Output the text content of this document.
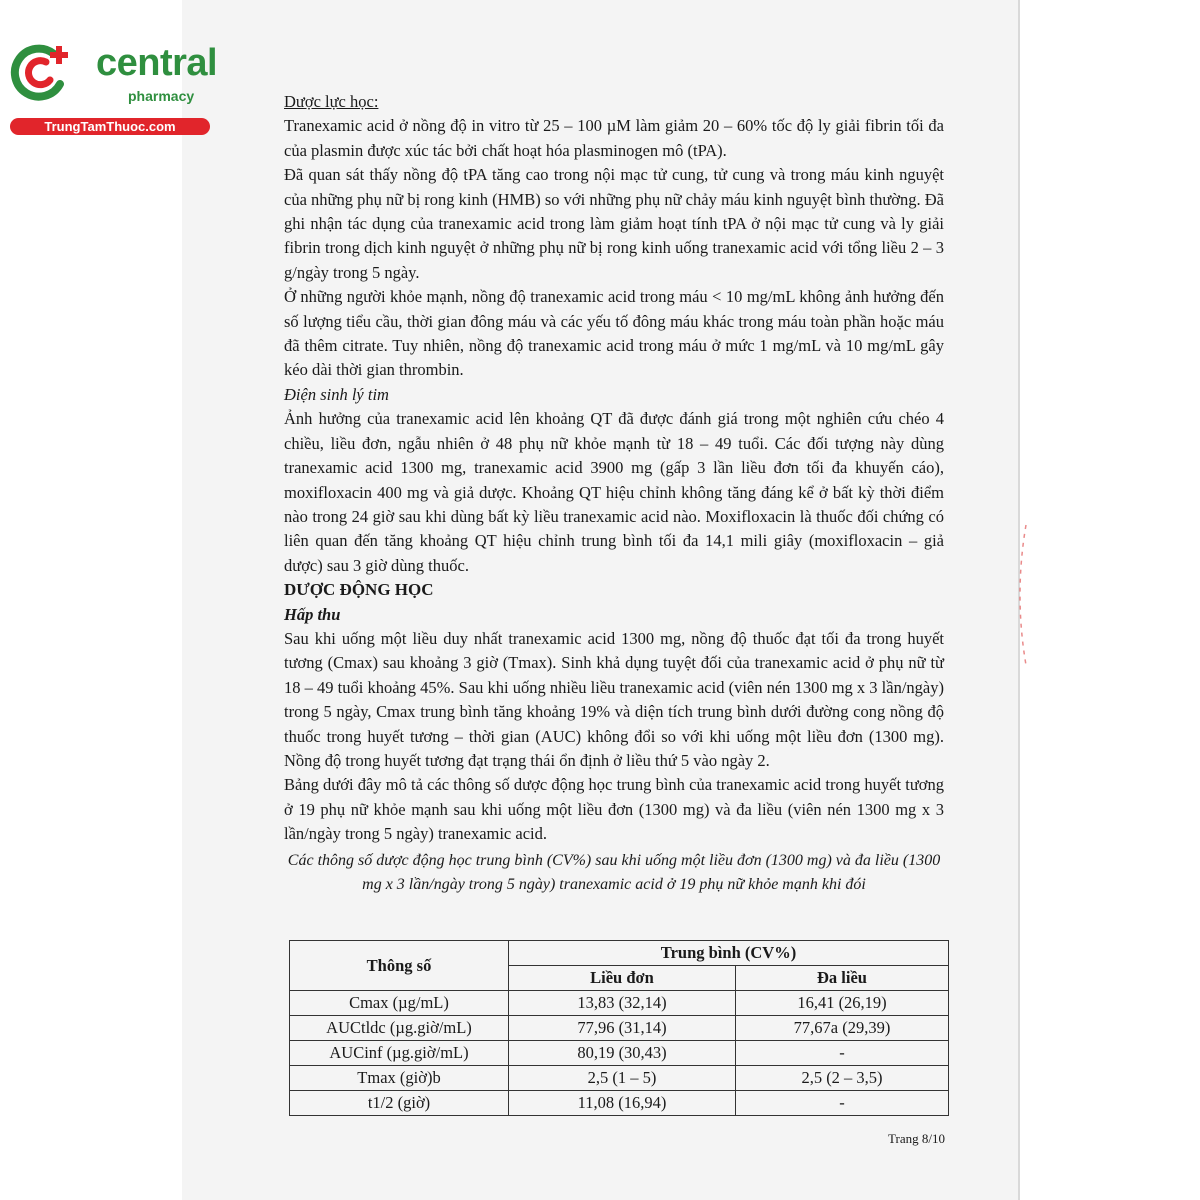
central
pharmacy
TrungTamThuoc.com

Dược lực học:

Tranexamic acid ở nồng độ in vitro từ 25 – 100 µM làm giảm 20 – 60% tốc độ ly giải fibrin tối đa của plasmin được xúc tác bởi chất hoạt hóa plasminogen mô (tPA).

Đã quan sát thấy nồng độ tPA tăng cao trong nội mạc tử cung, tử cung và trong máu kinh nguyệt của những phụ nữ bị rong kinh (HMB) so với những phụ nữ chảy máu kinh nguyệt bình thường. Đã ghi nhận tác dụng của tranexamic acid trong làm giảm hoạt tính tPA ở nội mạc tử cung và ly giải fibrin trong dịch kinh nguyệt ở những phụ nữ bị rong kinh uống tranexamic acid với tổng liều 2 – 3 g/ngày trong 5 ngày.

Ở những người khỏe mạnh, nồng độ tranexamic acid trong máu < 10 mg/mL không ảnh hưởng đến số lượng tiểu cầu, thời gian đông máu và các yếu tố đông máu khác trong máu toàn phần hoặc máu đã thêm citrate. Tuy nhiên, nồng độ tranexamic acid trong máu ở mức 1 mg/mL và 10 mg/mL gây kéo dài thời gian thrombin.

Điện sinh lý tim

Ảnh hưởng của tranexamic acid lên khoảng QT đã được đánh giá trong một nghiên cứu chéo 4 chiều, liều đơn, ngẫu nhiên ở 48 phụ nữ khỏe mạnh từ 18 – 49 tuổi. Các đối tượng này dùng tranexamic acid 1300 mg, tranexamic acid 3900 mg (gấp 3 lần liều đơn tối đa khuyến cáo), moxifloxacin 400 mg và giả dược. Khoảng QT hiệu chỉnh không tăng đáng kể ở bất kỳ thời điểm nào trong 24 giờ sau khi dùng bất kỳ liều tranexamic acid nào. Moxifloxacin là thuốc đối chứng có liên quan đến tăng khoảng QT hiệu chỉnh trung bình tối đa 14,1 mili giây (moxifloxacin – giả dược) sau 3 giờ dùng thuốc.

DƯỢC ĐỘNG HỌC

Hấp thu

Sau khi uống một liều duy nhất tranexamic acid 1300 mg, nồng độ thuốc đạt tối đa trong huyết tương (Cmax) sau khoảng 3 giờ (Tmax). Sinh khả dụng tuyệt đối của tranexamic acid ở phụ nữ từ 18 – 49 tuổi khoảng 45%. Sau khi uống nhiều liều tranexamic acid (viên nén 1300 mg x 3 lần/ngày) trong 5 ngày, Cmax trung bình tăng khoảng 19% và diện tích trung bình dưới đường cong nồng độ thuốc trong huyết tương – thời gian (AUC) không đổi so với khi uống một liều đơn (1300 mg). Nồng độ trong huyết tương đạt trạng thái ổn định ở liều thứ 5 vào ngày 2.

Bảng dưới đây mô tả các thông số dược động học trung bình của tranexamic acid trong huyết tương ở 19 phụ nữ khỏe mạnh sau khi uống một liều đơn (1300 mg) và đa liều (viên nén 1300 mg x 3 lần/ngày trong 5 ngày) tranexamic acid.

Các thông số dược động học trung bình (CV%) sau khi uống một liều đơn (1300 mg) và đa liều (1300 mg x 3 lần/ngày trong 5 ngày) tranexamic acid ở 19 phụ nữ khỏe mạnh khi đói

Thông số	Trung bình (CV%)	
	Liều đơn	Đa liều
Cmax (µg/mL)	13,83 (32,14)	16,41 (26,19)
AUCtldc (µg.giờ/mL)	77,96 (31,14)	77,67a (29,39)
AUCinf (µg.giờ/mL)	80,19 (30,43)	-
Tmax (giờ)b	2,5 (1 – 5)	2,5 (2 – 3,5)
t1/2 (giờ)	11,08 (16,94)	-
Trang 8/10
